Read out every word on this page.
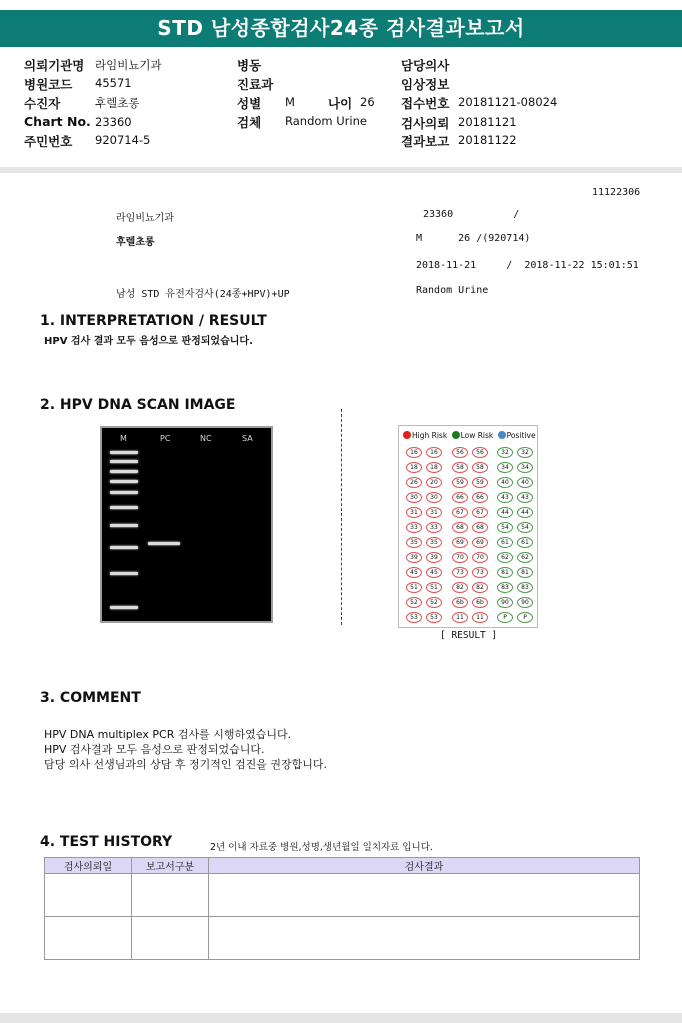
STD 남성종합검사24종 검사결과보고서
의뢰기관명 라임비뇨기과
병원코드 45571
수진자	후렐초롱
Chart No. 23360
주민번호 920714-5
병동
진료과
성별 M	나이 26
검체 Random Urine
담당의사
임상정보
접수번호 20181121-08024
검사의뢰 20181121
결과보고 20181122
11122306
라임비뇨기과	23360          /
후렐초롱	M      26 /(920714)
2018-11-21     /  2018-11-22 15:01:51
남성 STD 유전자검사(24종+HPV)+UP	Random Urine
1. INTERPRETATION / RESULT
HPV 검사 결과 모두 음성으로 판정되었습니다.
2. HPV DNA SCAN IMAGE
M	PC	NC	SA	High Risk Low Risk Positive
16	16	56	56	32	32
18	18	58	58	34	34
26	20	59	59	40	40
30	30	66	66	43	43
31	31	67	67	44	44
33	33	68	68	54	54
35	35	69	69	61	61
39	39	70	70	62	62
45	45	73	73	81	81
51	51	82	82	83	83
52	52	6b	6b	90	90
53	53	11	11	P	P
[ RESULT ]
3. COMMENT
HPV DNA multiplex PCR 검사를 시행하였습니다.
HPV 검사결과 모두 음성으로 판정되었습니다.
담당 의사 선생님과의 상담 후 정기적인 검진을 권장합니다.
4. TEST HISTORY	2년 이내 자료중 병원,성명,생년월일 일치자료 입니다.
검사의뢰일	보고서구분	검사결과
